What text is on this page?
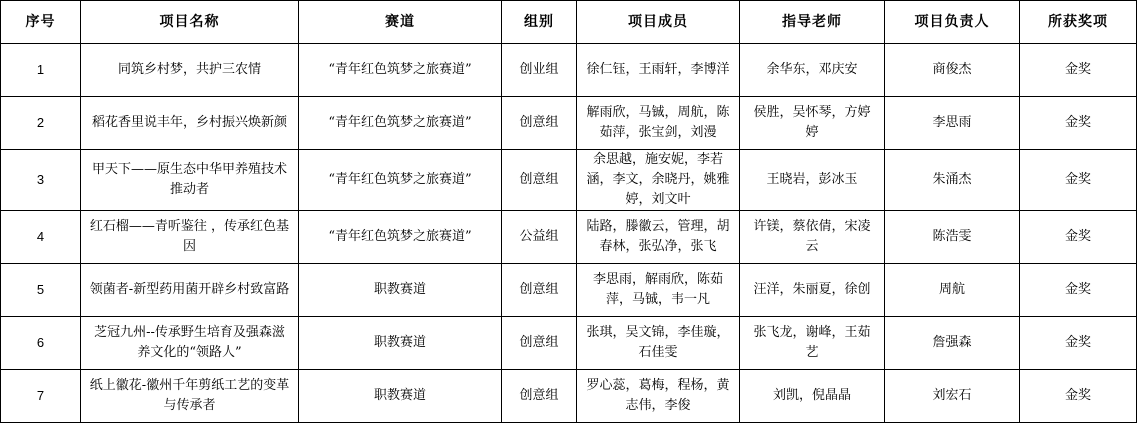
序号	项目名称	赛道	组别	项目成员	指导老师	项目负责人	所获奖项
1	同筑乡村梦，共护三农情	“青年红色筑梦之旅赛道”	创业组	徐仁钰，王雨轩，李博洋	余华东，邓庆安	商俊杰	金奖
2	稻花香里说丰年，乡村振兴焕新颜	“青年红色筑梦之旅赛道”	创意组	解雨欣，马铖，周航，陈茹萍，张宝剑，刘漫	侯胜，吴怀琴，方婷婷	李思雨	金奖
3	甲天下——原生态中华甲养殖技术推动者	“青年红色筑梦之旅赛道”	创意组	余思越，施安妮，李若涵，李文，余晓丹，姚雅婷，刘文叶	王晓岩，彭冰玉	朱涌杰	金奖
4	红石榴——青听鉴往 ，传承红色基因	“青年红色筑梦之旅赛道”	公益组	陆路，滕徽云，管理，胡春林，张弘净，张飞	许镁，蔡依倩，宋凌云	陈浩雯	金奖
5	领菌者-新型药用菌开辟乡村致富路	职教赛道	创意组	李思雨，解雨欣，陈茹萍，马铖，韦一凡	汪洋，朱丽夏，徐创	周航	金奖
6	芝冠九州--传承野生培育及强森滋养文化的“领路人”	职教赛道	创意组	张琪，吴文锦，李佳璇，石佳雯	张飞龙，谢峰，王茹艺	詹强森	金奖
7	纸上徽花-徽州千年剪纸工艺的变革与传承者	职教赛道	创意组	罗心蕊，葛梅，程杨，黄志伟，李俊	刘凯，倪晶晶	刘宏石	金奖
